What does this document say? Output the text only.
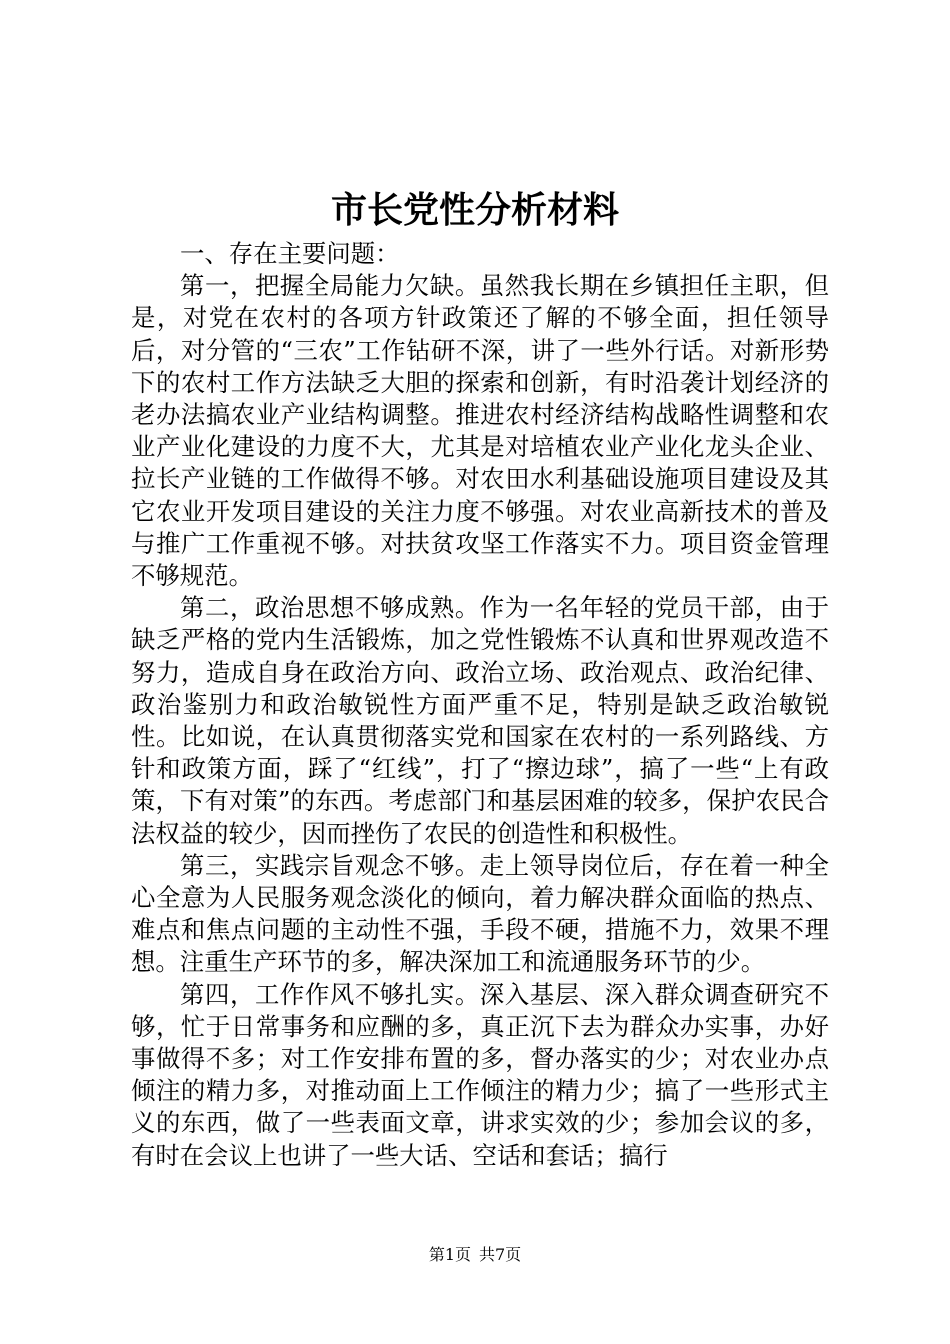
市长党性分析材料

一、存在主要问题：

第一，把握全局能力欠缺。虽然我长期在乡镇担任主职，但是，对党在农村的各项方针政策还了解的不够全面，担任领导后，对分管的“三农”工作钻研不深，讲了一些外行话。对新形势下的农村工作方法缺乏大胆的探索和创新，有时沿袭计划经济的老办法搞农业产业结构调整。推进农村经济结构战略性调整和农业产业化建设的力度不大，尤其是对培植农业产业化龙头企业、拉长产业链的工作做得不够。对农田水利基础设施项目建设及其它农业开发项目建设的关注力度不够强。对农业高新技术的普及与推广工作重视不够。对扶贫攻坚工作落实不力。项目资金管理不够规范。

第二，政治思想不够成熟。作为一名年轻的党员干部，由于缺乏严格的党内生活锻炼，加之党性锻炼不认真和世界观改造不努力，造成自身在政治方向、政治立场、政治观点、政治纪律、政治鉴别力和政治敏锐性方面严重不足，特别是缺乏政治敏锐性。比如说，在认真贯彻落实党和国家在农村的一系列路线、方针和政策方面，踩了“红线”，打了“擦边球”，搞了一些“上有政策，下有对策”的东西。考虑部门和基层困难的较多，保护农民合法权益的较少，因而挫伤了农民的创造性和积极性。

第三，实践宗旨观念不够。走上领导岗位后，存在着一种全心全意为人民服务观念淡化的倾向，着力解决群众面临的热点、难点和焦点问题的主动性不强，手段不硬，措施不力，效果不理想。注重生产环节的多，解决深加工和流通服务环节的少。

第四，工作作风不够扎实。深入基层、深入群众调查研究不够，忙于日常事务和应酬的多，真正沉下去为群众办实事，办好事做得不多；对工作安排布置的多，督办落实的少；对农业办点倾注的精力多，对推动面上工作倾注的精力少；搞了一些形式主义的东西，做了一些表面文章，讲求实效的少；参加会议的多，有时在会议上也讲了一些大话、空话和套话；搞行

第1页 共7页
